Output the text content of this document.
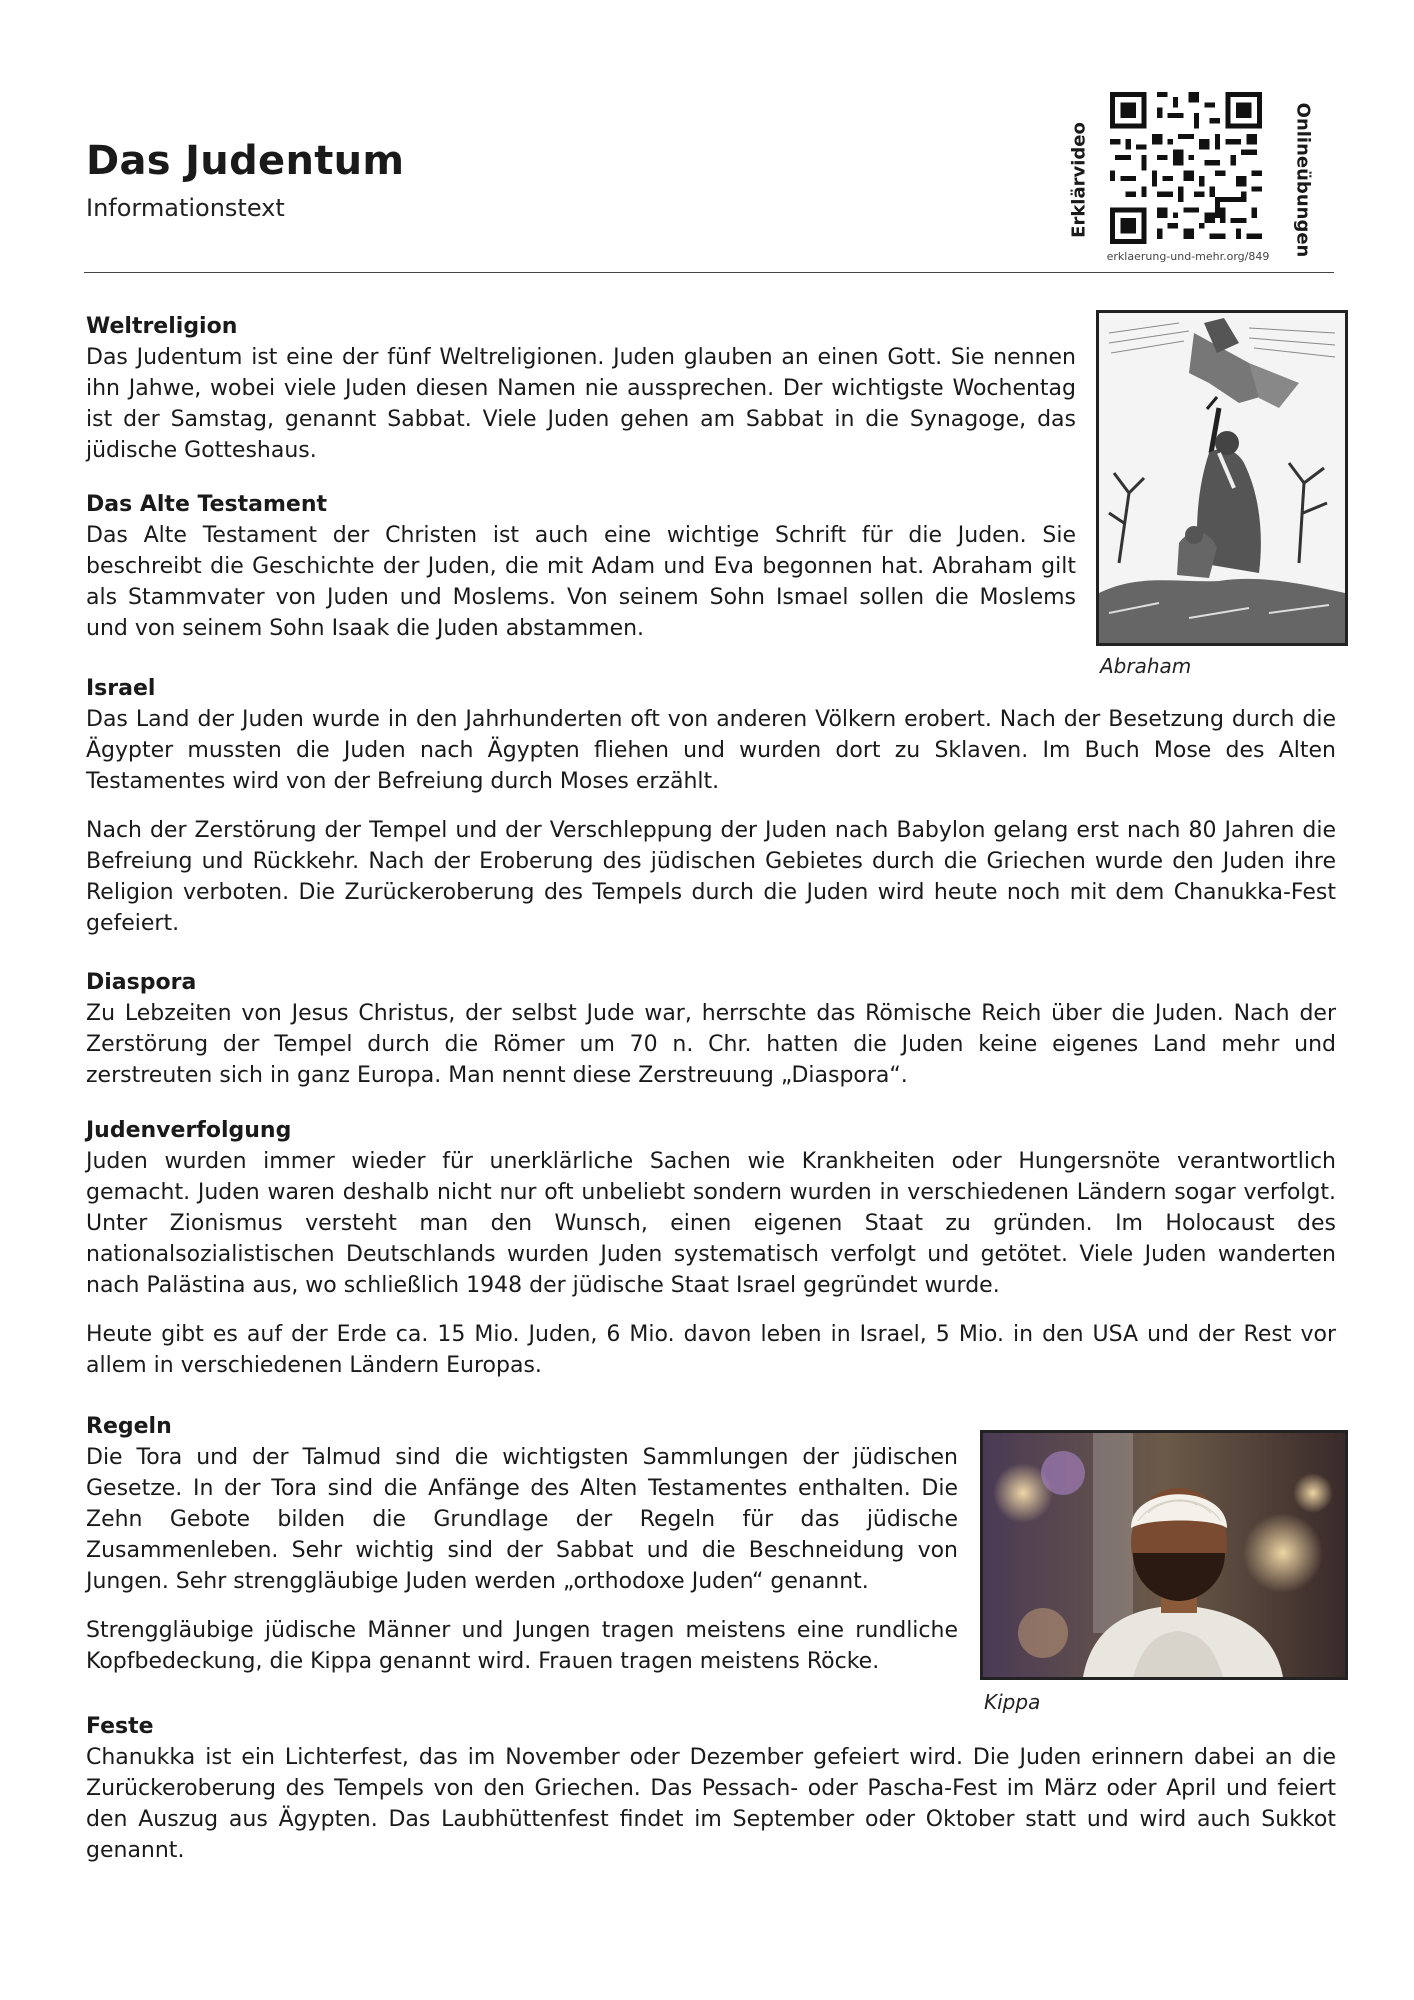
Das Judentum
Informationstext	Erklärvideo	Onlineübungen
erklaerung-und-mehr.org/849
Weltreligion

Das Judentum ist eine der fünf Weltreligionen. Juden glauben an einen Gott. Sie nennen ihn Jahwe, wobei viele Juden diesen Namen nie aussprechen. Der wichtigste Wochentag ist der Samstag, genannt Sabbat. Viele Juden gehen am Sabbat in die Synagoge, das jüdische Gotteshaus.

Das Alte Testament

Das Alte Testament der Christen ist auch eine wichtige Schrift für die Juden. Sie beschreibt die Geschichte der Juden, die mit Adam und Eva begonnen hat. Abraham gilt als Stammvater von Juden und Moslems. Von seinem Sohn Ismael sollen die Moslems und von seinem Sohn Isaak die Juden abstammen.

Abraham
Israel

Das Land der Juden wurde in den Jahrhunderten oft von anderen Völkern erobert. Nach der Besetzung durch die Ägypter mussten die Juden nach Ägypten fliehen und wurden dort zu Sklaven. Im Buch Mose des Alten Testamentes wird von der Befreiung durch Moses erzählt.

Nach der Zerstörung der Tempel und der Verschleppung der Juden nach Babylon gelang erst nach 80 Jahren die Befreiung und Rückkehr. Nach der Eroberung des jüdischen Gebietes durch die Griechen wurde den Juden ihre Religion verboten. Die Zurückeroberung des Tempels durch die Juden wird heute noch mit dem Chanukka-Fest gefeiert.

Diaspora

Zu Lebzeiten von Jesus Christus, der selbst Jude war, herrschte das Römische Reich über die Juden. Nach der Zerstörung der Tempel durch die Römer um 70 n. Chr. hatten die Juden keine eigenes Land mehr und zerstreuten sich in ganz Europa. Man nennt diese Zerstreuung „Diaspora“.

Judenverfolgung

Juden wurden immer wieder für unerklärliche Sachen wie Krankheiten oder Hungersnöte verantwortlich gemacht. Juden waren deshalb nicht nur oft unbeliebt sondern wurden in verschiedenen Ländern sogar verfolgt. Unter Zionismus versteht man den Wunsch, einen eigenen Staat zu gründen. Im Holocaust des nationalsozialistischen Deutschlands wurden Juden systematisch verfolgt und getötet. Viele Juden wanderten nach Palästina aus, wo schließlich 1948 der jüdische Staat Israel gegründet wurde.

Heute gibt es auf der Erde ca. 15 Mio. Juden, 6 Mio. davon leben in Israel, 5 Mio. in den USA und der Rest vor allem in verschiedenen Ländern Europas.

Regeln

Die Tora und der Talmud sind die wichtigsten Sammlungen der jüdischen Gesetze. In der Tora sind die Anfänge des Alten Testamentes enthalten. Die Zehn Gebote bilden die Grundlage der Regeln für das jüdische Zusammenleben. Sehr wichtig sind der Sabbat und die Beschneidung von Jungen. Sehr strenggläubige Juden werden „orthodoxe Juden“ genannt.

Strenggläubige jüdische Männer und Jungen tragen meistens eine rundliche Kopfbedeckung, die Kippa genannt wird. Frauen tragen meistens Röcke.

Kippa
Feste

Chanukka ist ein Lichterfest, das im November oder Dezember gefeiert wird. Die Juden erinnern dabei an die Zurückeroberung des Tempels von den Griechen. Das Pessach- oder Pascha-Fest im März oder April und feiert den Auszug aus Ägypten. Das Laubhüttenfest findet im September oder Oktober statt und wird auch Sukkot genannt.
